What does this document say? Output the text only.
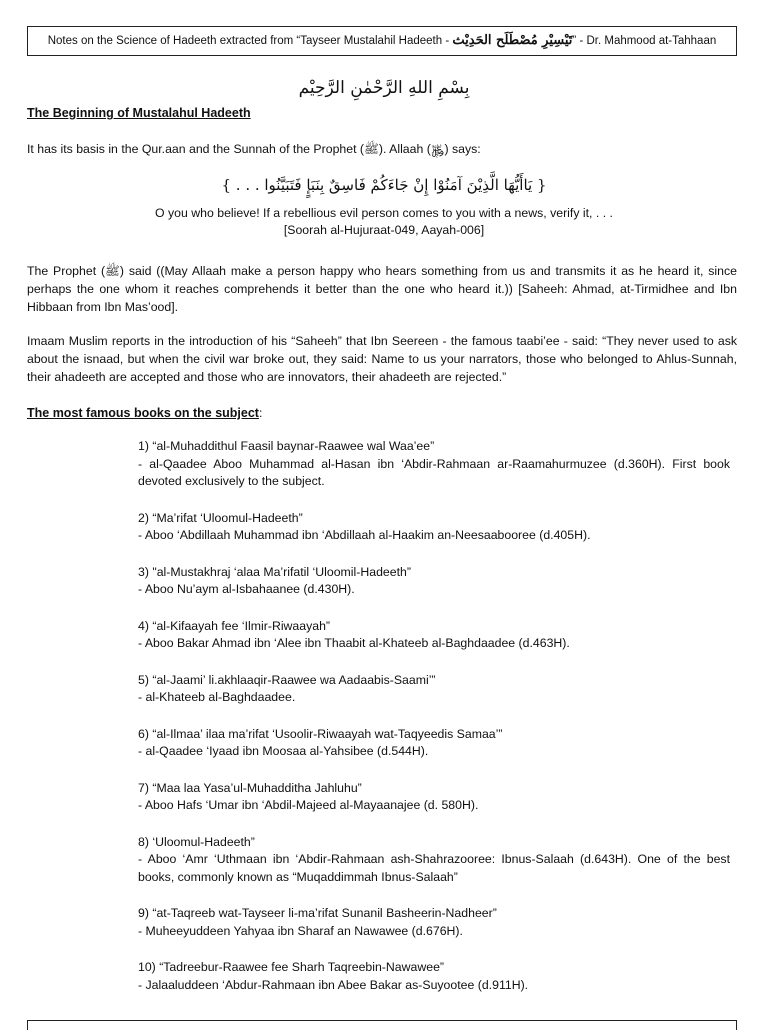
Notes on the Science of Hadeeth extracted from “Tayseer Mustalahil Hadeeth - تَيْسِيْرِ مُصْطَلَح الحَدِيْث” - Dr. Mahmood at-Tahhaan
بِسْمِ اللهِ الرَّحْمٰنِ الرَّحِيْم
The Beginning of Mustalahul Hadeeth

It has its basis in the Qur.aan and the Sunnah of the Prophet (ﷺ). Allaah (﷿) says:

{ يَاأَيُّهَا الَّذِيْنَ آمَنُوْا إِنْ جَاءَكُمْ فَاسِقٌ بِنَبَإٍ فَتَبَيَّنُوا . . . }
O you who believe! If a rebellious evil person comes to you with a news, verify it, . . .
[Soorah al-Hujuraat-049, Aayah-006]

The Prophet (ﷺ) said ((May Allaah make a person happy who hears something from us and transmits it as he heard it, since perhaps the one whom it reaches comprehends it better than the one who heard it.)) [Saheeh: Ahmad, at-Tirmidhee and Ibn Hibbaan from Ibn Mas’ood].

Imaam Muslim reports in the introduction of his “Saheeh” that Ibn Seereen - the famous taabi’ee - said: “They never used to ask about the isnaad, but when the civil war broke out, they said: Name to us your narrators, those who belonged to Ahlus-Sunnah, their ahadeeth are accepted and those who are innovators, their ahadeeth are rejected.”

The most famous books on the subject:
1) “al-Muhaddithul Faasil baynar-Raawee wal Waa’ee”
- al-Qaadee Aboo Muhammad al-Hasan ibn ‘Abdir-Rahmaan ar-Raamahurmuzee (d.360H). First book devoted exclusively to the subject.
2) “Ma’rifat ‘Uloomul-Hadeeth”
- Aboo ‘Abdillaah Muhammad ibn ‘Abdillaah al-Haakim an-Neesaabooree (d.405H).
3) "al-Mustakhraj ‘alaa Ma’rifatil ‘Uloomil-Hadeeth”
- Aboo Nu’aym al-Isbahaanee (d.430H).
4) “al-Kifaayah fee ‘Ilmir-Riwaayah”
- Aboo Bakar Ahmad ibn ‘Alee ibn Thaabit al-Khateeb al-Baghdaadee (d.463H).
5) “al-Jaami’ li.akhlaaqir-Raawee wa Aadaabis-Saami’”
- al-Khateeb al-Baghdaadee.
6) “al-Ilmaa’ ilaa ma’rifat ‘Usoolir-Riwaayah wat-Taqyeedis Samaa’”
- al-Qaadee ‘Iyaad ibn Moosaa al-Yahsibee (d.544H).
7) “Maa laa Yasa’ul-Muhadditha Jahluhu”
- Aboo Hafs ‘Umar ibn ‘Abdil-Majeed al-Mayaanajee (d. 580H).
8) ‘Uloomul-Hadeeth”
- Aboo ‘Amr ‘Uthmaan ibn ‘Abdir-Rahmaan ash-Shahrazooree: Ibnus-Salaah (d.643H). One of the best books, commonly known as “Muqaddimmah Ibnus-Salaah”
9) “at-Taqreeb wat-Tayseer li-ma’rifat Sunanil Basheerin-Nadheer”
- Muheeyuddeen Yahyaa ibn Sharaf an Nawawee (d.676H).
10) “Tadreebur-Raawee fee Sharh Taqreebin-Nawawee”
- Jalaaluddeen ‘Abdur-Rahmaan ibn Abee Bakar as-Suyootee (d.911H).
